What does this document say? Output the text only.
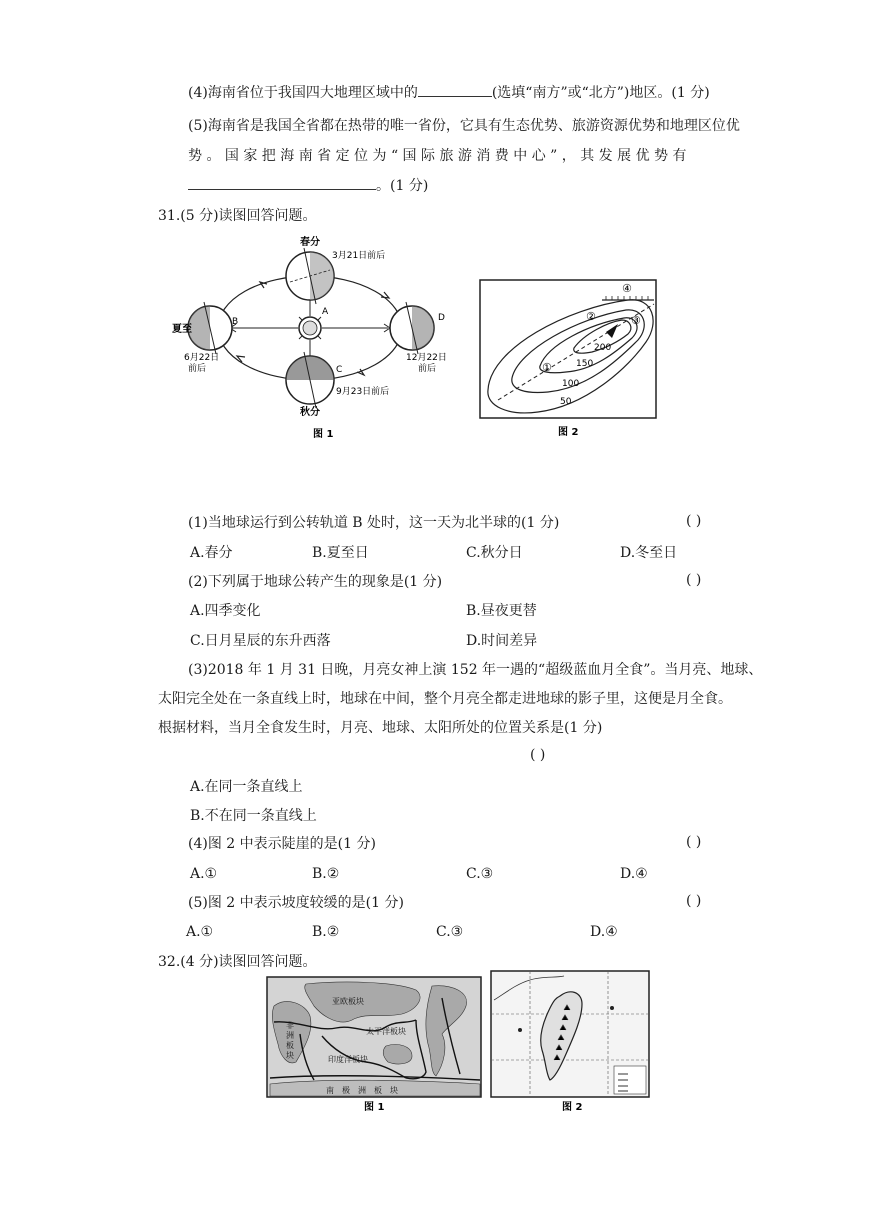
(4)海南省位于我国四大地理区域中的	(选填“南方”或“北方”)地区。(1 分)
(5)海南省是我国全省都在热带的唯一省份，它具有生态优势、旅游资源优势和地理区位优
势 。 国 家 把 海 南 省 定 位 为 “ 国 际 旅 游 消 费 中 心 ” ， 其 发 展 优 势 有
。(1 分)
31.(5 分)读图回答问题。
春分
3月21日前后
A
夏至
B
6月22日
前后	C
秋分
9月23日前后
D
12月22日
前后
图 1
①
②	③
④
200
150
100
50
图 2
(1)当地球运行到公转轨道 B 处时，这一天为北半球的(1 分)	( )
A.春分	B.夏至日	C.秋分日	D.冬至日
(2)下列属于地球公转产生的现象是(1 分)	( )
A.四季变化	B.昼夜更替
C.日月星辰的东升西落	D.时间差异
(3)2018 年 1 月 31 日晚，月亮女神上演 152 年一遇的“超级蓝血月全食”。当月亮、地球、
太阳完全处在一条直线上时，地球在中间，整个月亮全都走进地球的影子里，这便是月全食。
根据材料，当月全食发生时，月亮、地球、太阳所处的位置关系是(1 分)
( )
A.在同一条直线上
B.不在同一条直线上
(4)图 2 中表示陡崖的是(1 分)	( )
A.①	B.②	C.③	D.④
(5)图 2 中表示坡度较缓的是(1 分)	( )
A.①	B.②	C.③	D.④
32.(4 分)读图回答问题。
亚欧板块
非
洲
板
块
太平洋板块
印度洋板块
南　极　洲　板　块
图 1	图 2
